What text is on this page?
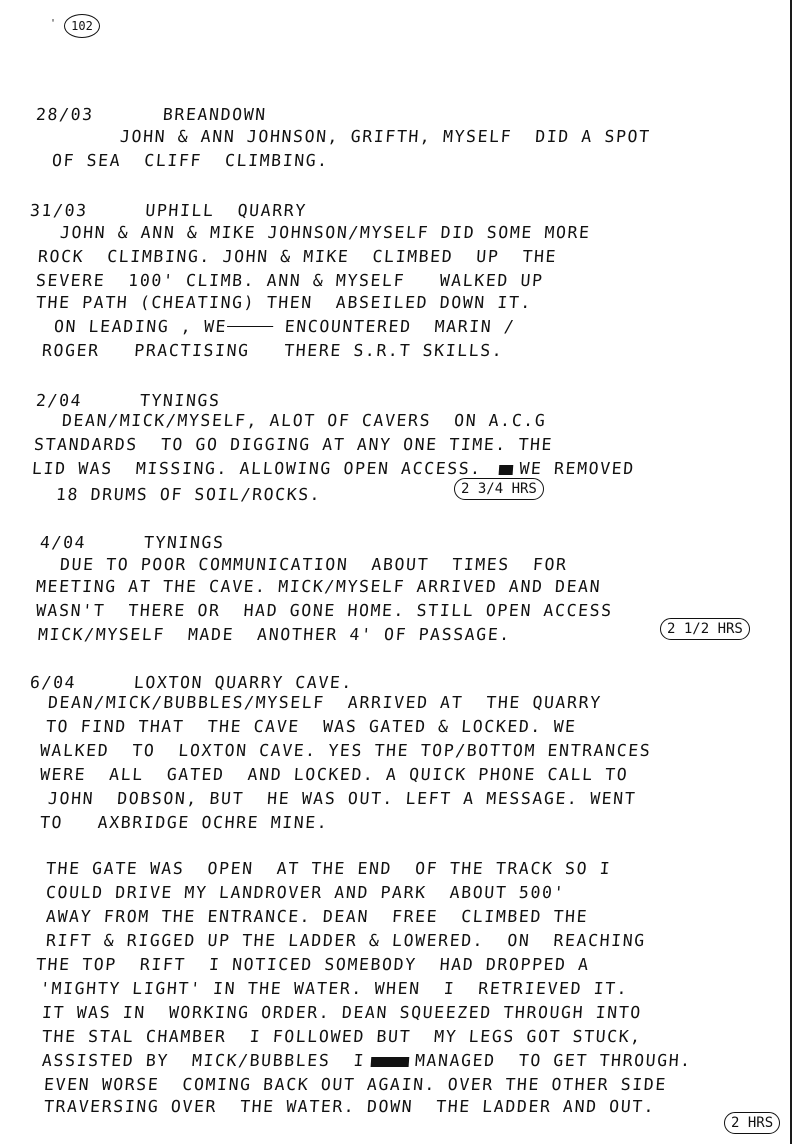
'	102
28/03      BREANDOWN
JOHN & ANN JOHNSON, GRIFTH, MYSELF  DID A SPOT
OF SEA  CLIFF  CLIMBING.
31/03     UPHILL  QUARRY
JOHN & ANN & MIKE JOHNSON/MYSELF DID SOME MORE
ROCK  CLIMBING. JOHN & MIKE  CLIMBED  UP  THE
SEVERE  100' CLIMB. ANN & MYSELF   WALKED UP
THE PATH (CHEATING) THEN  ABSEILED DOWN IT.
ON LEADING , WE	ENCOUNTERED  MARIN /
ROGER   PRACTISING   THERE S.R.T SKILLS.
2/04     TYNINGS
DEAN/MICK/MYSELF, ALOT OF CAVERS  ON A.C.G
STANDARDS  TO GO DIGGING AT ANY ONE TIME. THE
LID WAS  MISSING. ALLOWING OPEN ACCESS. WE REMOVED
18 DRUMS OF SOIL/ROCKS.	2 3/4 HRS
4/04     TYNINGS
DUE TO POOR COMMUNICATION  ABOUT  TIMES  FOR
MEETING AT THE CAVE. MICK/MYSELF ARRIVED AND DEAN
WASN'T  THERE OR  HAD GONE HOME. STILL OPEN ACCESS
MICK/MYSELF  MADE  ANOTHER 4' OF PASSAGE.	2 1/2 HRS
6/04     LOXTON QUARRY CAVE.
DEAN/MICK/BUBBLES/MYSELF  ARRIVED AT  THE QUARRY
TO FIND THAT  THE CAVE  WAS GATED & LOCKED. WE
WALKED  TO  LOXTON CAVE. YES THE TOP/BOTTOM ENTRANCES
WERE  ALL  GATED  AND LOCKED. A QUICK PHONE CALL TO
JOHN  DOBSON, BUT  HE WAS OUT. LEFT A MESSAGE. WENT
TO   AXBRIDGE OCHRE MINE.
THE GATE WAS  OPEN  AT THE END  OF THE TRACK SO I
COULD DRIVE MY LANDROVER AND PARK  ABOUT 500'
AWAY FROM THE ENTRANCE. DEAN  FREE  CLIMBED THE
RIFT & RIGGED UP THE LADDER & LOWERED.  ON  REACHING
THE TOP  RIFT  I NOTICED SOMEBODY  HAD DROPPED A
'MIGHTY LIGHT' IN THE WATER. WHEN  I  RETRIEVED IT.
IT WAS IN  WORKING ORDER. DEAN SQUEEZED THROUGH INTO
THE STAL CHAMBER  I FOLLOWED BUT  MY LEGS GOT STUCK,
ASSISTED BY  MICK/BUBBLES  I	MANAGED  TO GET THROUGH.
EVEN WORSE  COMING BACK OUT AGAIN. OVER THE OTHER SIDE
TRAVERSING OVER  THE WATER. DOWN  THE LADDER AND OUT.
2 HRS
